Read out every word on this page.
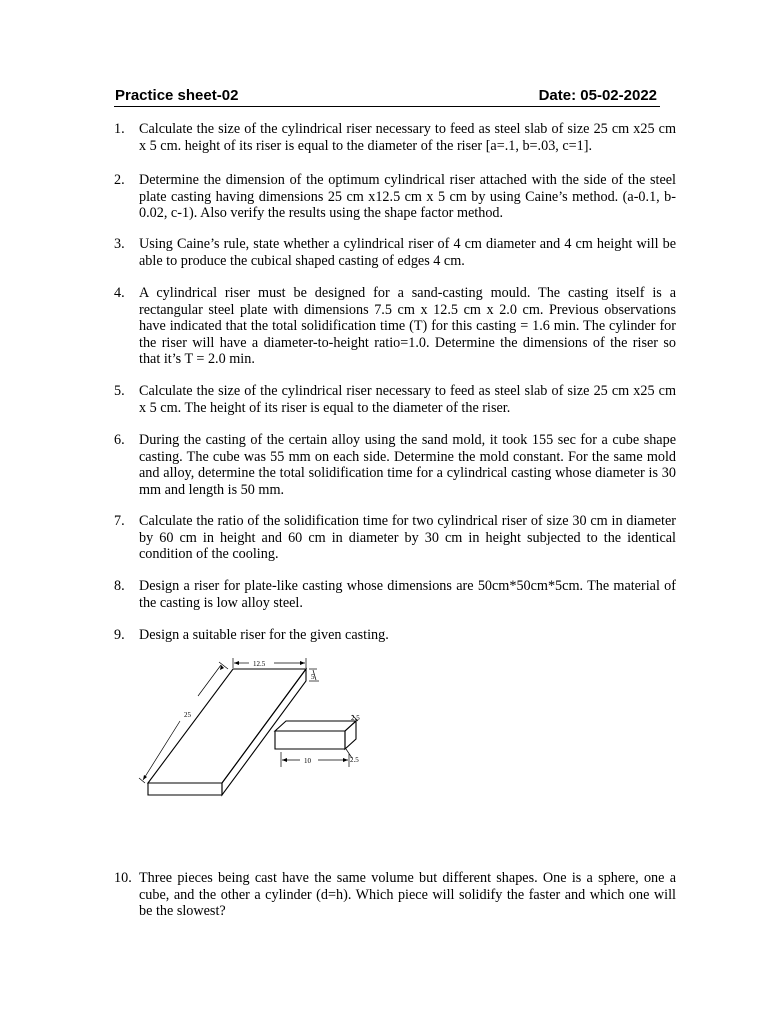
Practice sheet-02	Date: 05-02-2022
1.	Calculate the size of the cylindrical riser necessary to feed as steel slab of size 25 cm x25 cm x 5 cm. height of its riser is equal to the diameter of the riser [a=.1, b=.03, c=1].
2.	Determine the dimension of the optimum cylindrical riser attached with the side of the steel plate casting having dimensions 25 cm x12.5 cm x 5 cm by using Caine’s method. (a-0.1, b-0.02, c-1). Also verify the results using the shape factor method.
3.	Using Caine’s rule, state whether a cylindrical riser of 4 cm diameter and 4 cm height will be able to produce the cubical shaped casting of edges 4 cm.
4.	A cylindrical riser must be designed for a sand-casting mould. The casting itself is a rectangular steel plate with dimensions 7.5 cm x 12.5 cm x 2.0 cm. Previous observations have indicated that the total solidification time (T) for this casting = 1.6 min. The cylinder for the riser will have a diameter-to-height ratio=1.0. Determine the dimensions of the riser so that it’s T = 2.0 min.
5.	Calculate the size of the cylindrical riser necessary to feed as steel slab of size 25 cm x25 cm x 5 cm. The height of its riser is equal to the diameter of the riser.
6.	During the casting of the certain alloy using the sand mold, it took 155 sec for a cube shape casting. The cube was 55 mm on each side. Determine the mold constant. For the same mold and alloy, determine the total solidification time for a cylindrical casting whose diameter is 30 mm and length is 50 mm.
7.	Calculate the ratio of the solidification time for two cylindrical riser of size 30 cm in diameter by 60 cm in height and 60 cm in diameter by 30 cm in height subjected to the identical condition of the cooling.
8.	Design a riser for plate-like casting whose dimensions are 50cm*50cm*5cm. The material of the casting is low alloy steel.
9.	Design a suitable riser for the given casting.
12.5
5
25	2.5
10	2.5
10. Three pieces being cast have the same volume but different shapes. One is a sphere, one a cube, and the other a cylinder (d=h). Which piece will solidify the faster and which one will be the slowest?
